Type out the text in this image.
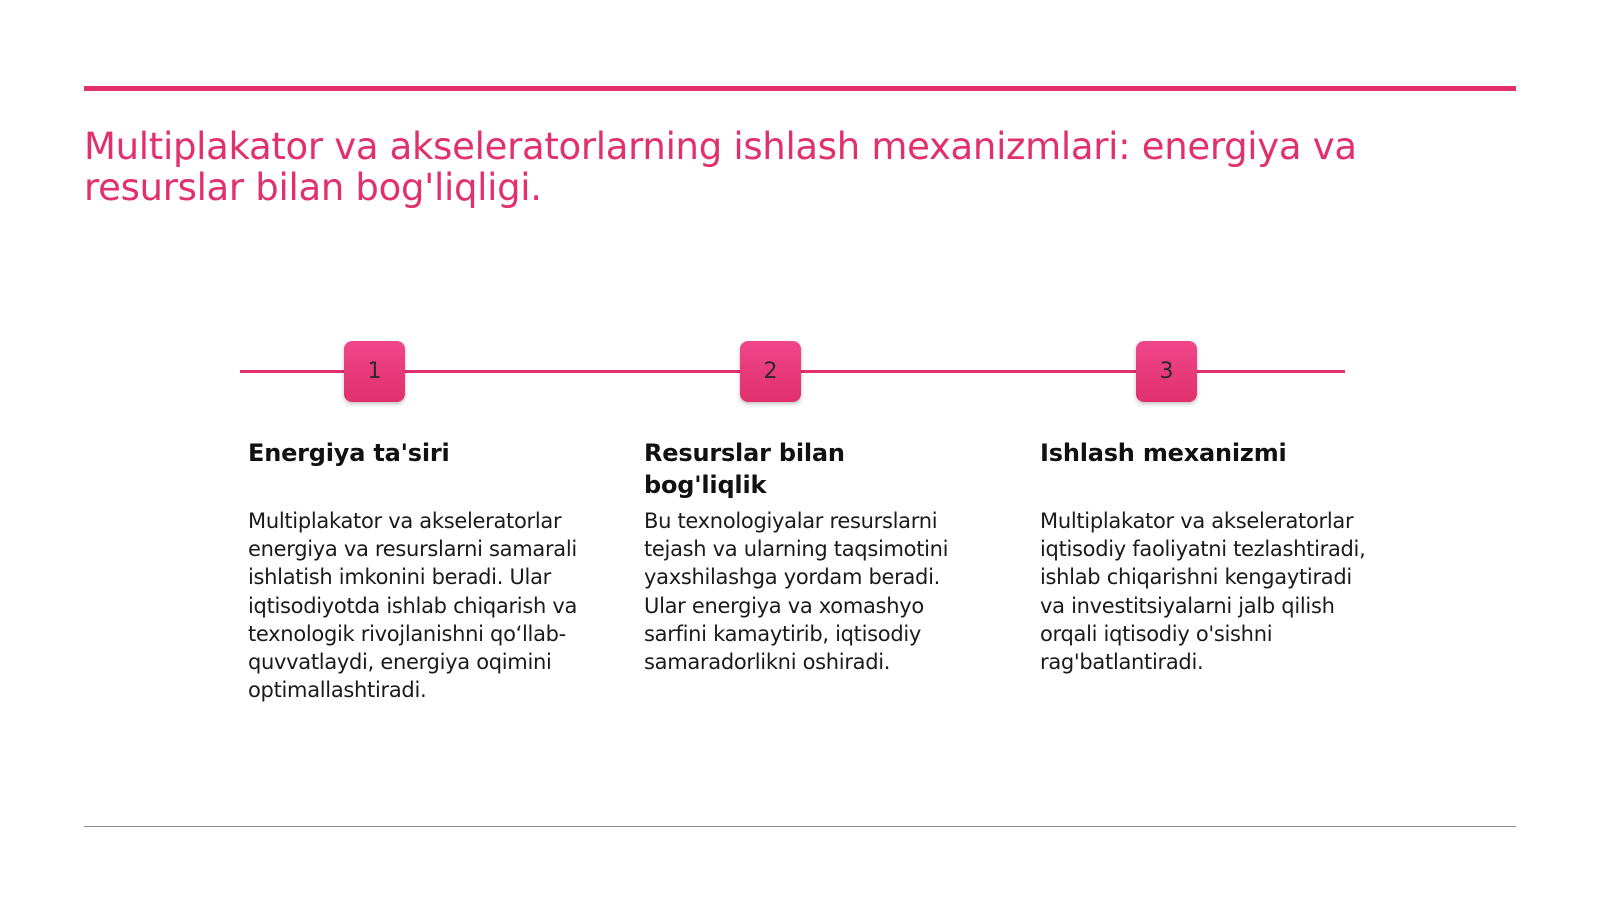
Multiplakator va akseleratorlarning ishlash mexanizmlari: energiya va resurslar bilan bog'liqligi.
1	2	3
Energiya ta'siri

Multiplakator va akseleratorlar energiya va resurslarni samarali ishlatish imkonini beradi. Ular iqtisodiyotda ishlab chiqarish va texnologik rivojlanishni qo‘llab-quvvatlaydi, energiya oqimini optimallashtiradi.

Resurslar bilan bog'liqlik

Bu texnologiyalar resurslarni tejash va ularning taqsimotini yaxshilashga yordam beradi. Ular energiya va xomashyo sarfini kamaytirib, iqtisodiy samaradorlikni oshiradi.

Ishlash mexanizmi

Multiplakator va akseleratorlar iqtisodiy faoliyatni tezlashtiradi, ishlab chiqarishni kengaytiradi va investitsiyalarni jalb qilish orqali iqtisodiy o'sishni rag'batlantiradi.
